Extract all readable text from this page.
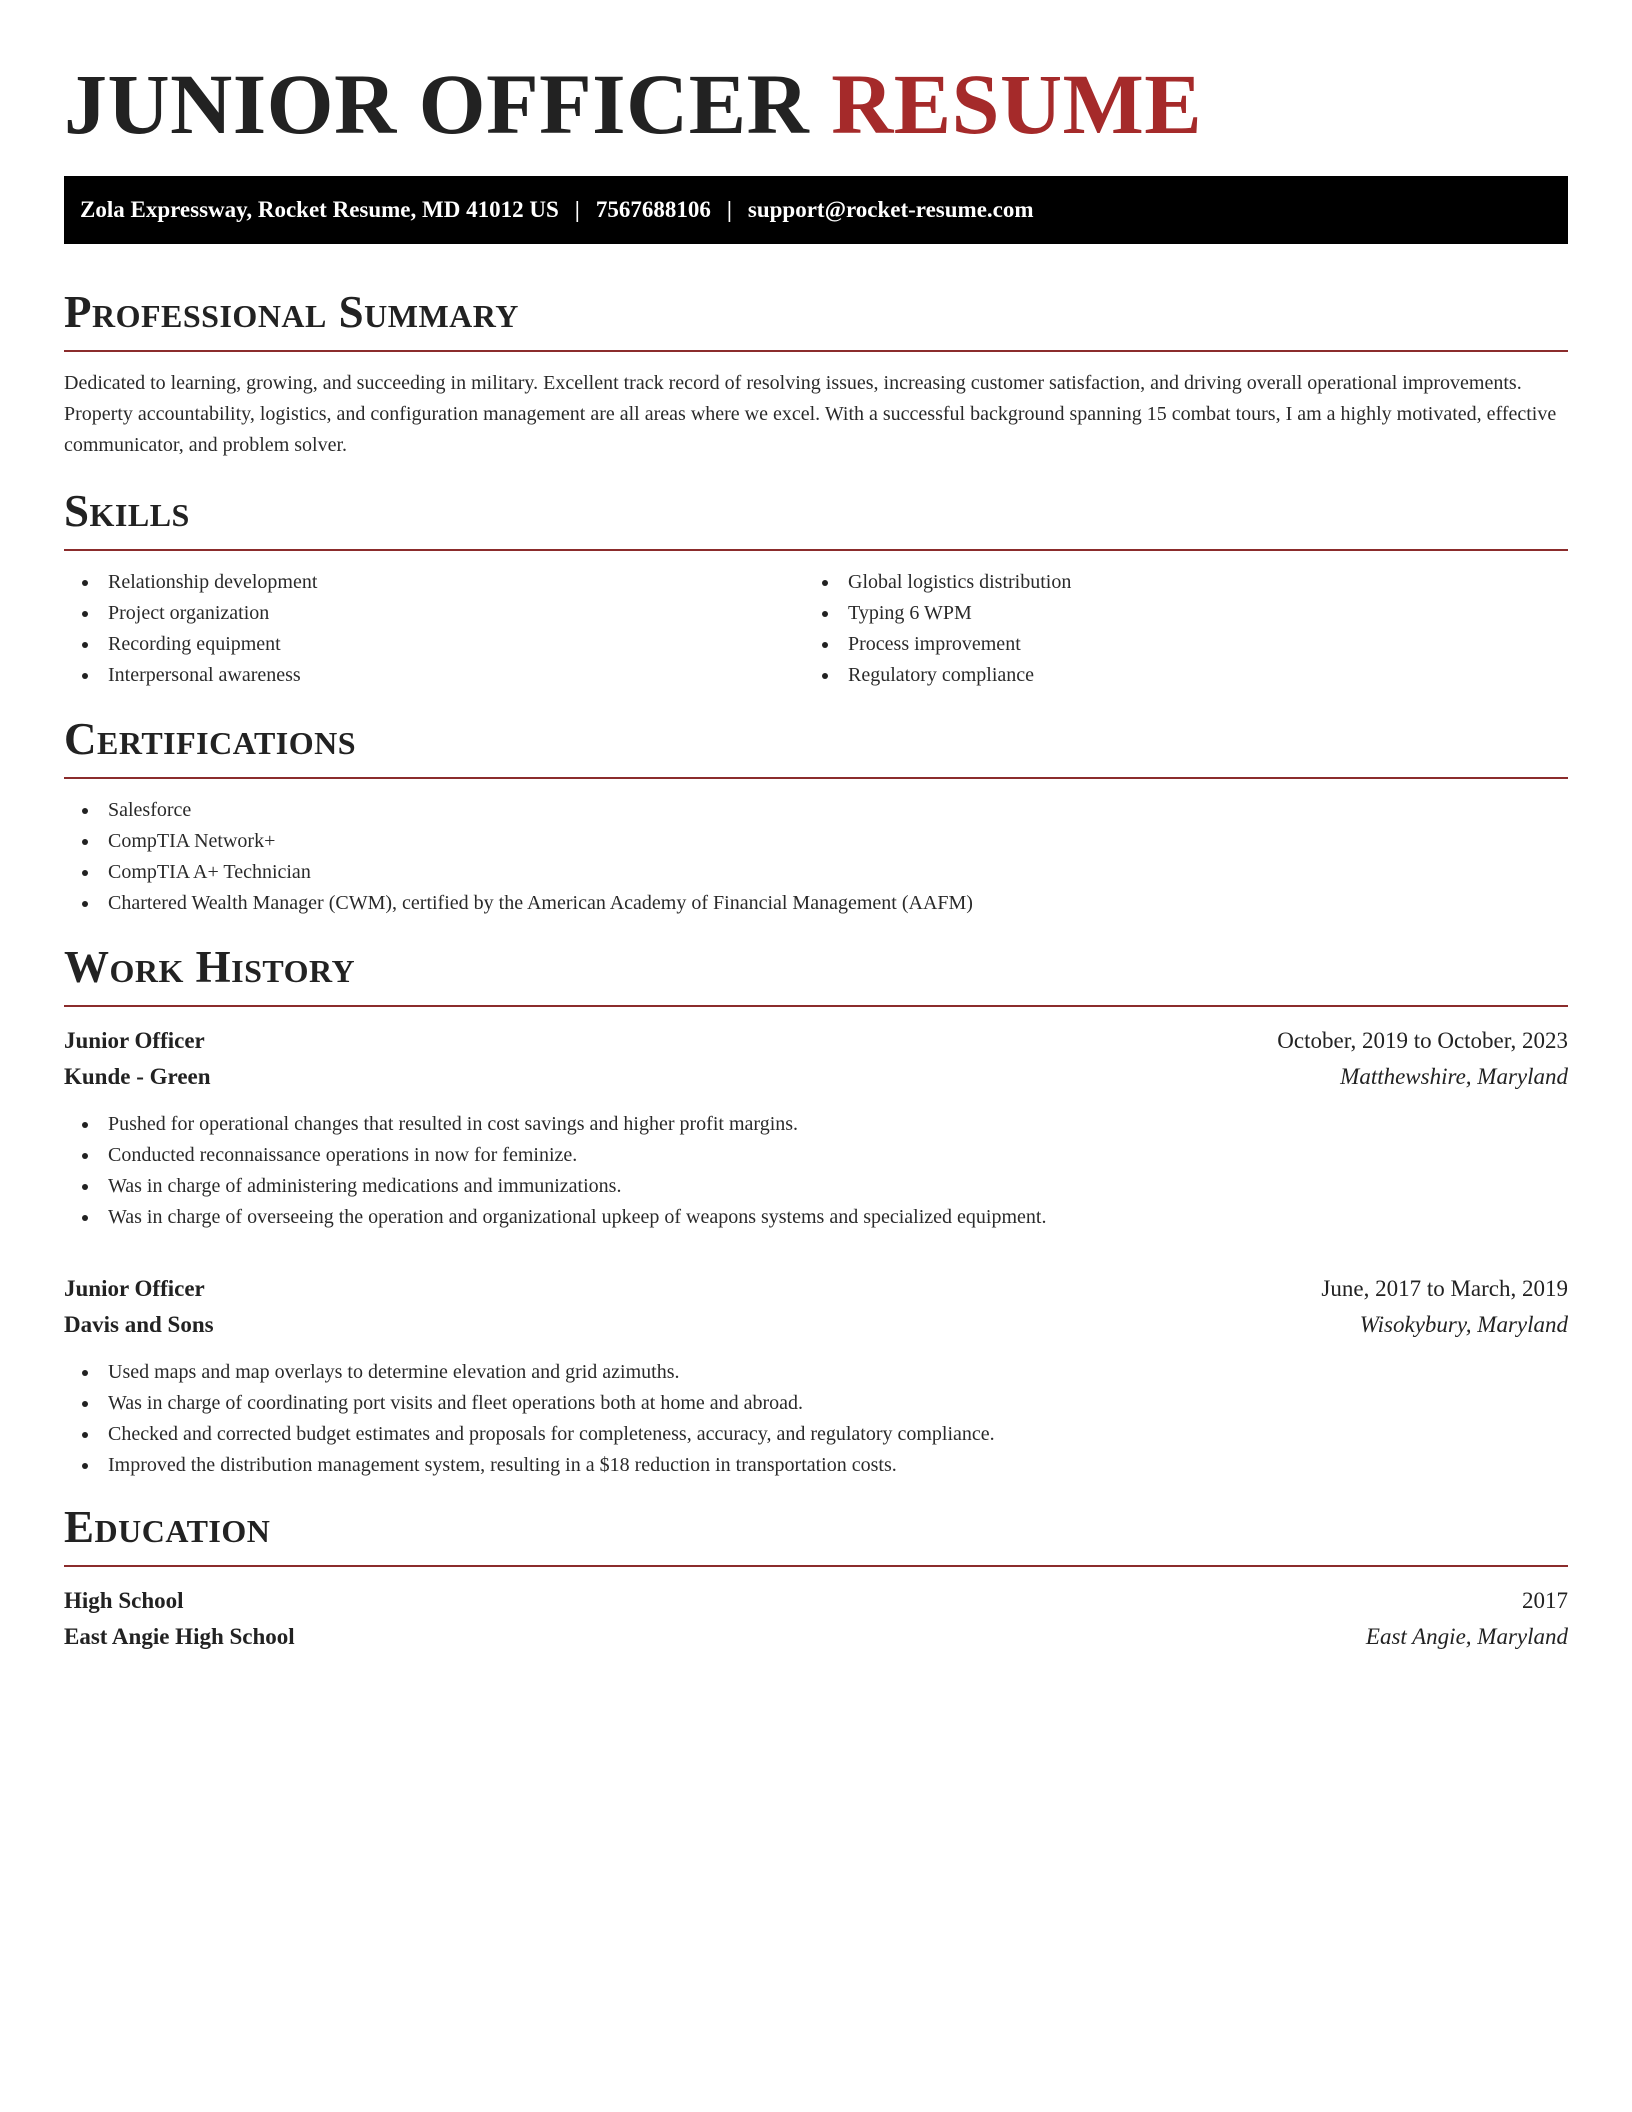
JUNIOR OFFICER RESUME
Zola Expressway, Rocket Resume, MD 41012 US | 7567688106 | support@rocket-resume.com
Professional Summary

Dedicated to learning, growing, and succeeding in military. Excellent track record of resolving issues, increasing customer satisfaction, and driving overall operational improvements. Property accountability, logistics, and configuration management are all areas where we excel. With a successful background spanning 15 combat tours, I am a highly motivated, effective communicator, and problem solver.

Skills
Relationship development
Project organization
Recording equipment
Interpersonal awareness
Global logistics distribution
Typing 6 WPM
Process improvement
Regulatory compliance
Certifications
Salesforce
CompTIA Network+
CompTIA A+ Technician
Chartered Wealth Manager (CWM), certified by the American Academy of Financial Management (AAFM)
Work History
Junior Officer	October, 2019 to October, 2023
Kunde - Green	Matthewshire, Maryland
Pushed for operational changes that resulted in cost savings and higher profit margins.
Conducted reconnaissance operations in now for feminize.
Was in charge of administering medications and immunizations.
Was in charge of overseeing the operation and organizational upkeep of weapons systems and specialized equipment.
Junior Officer	June, 2017 to March, 2019
Davis and Sons	Wisokybury, Maryland
Used maps and map overlays to determine elevation and grid azimuths.
Was in charge of coordinating port visits and fleet operations both at home and abroad.
Checked and corrected budget estimates and proposals for completeness, accuracy, and regulatory compliance.
Improved the distribution management system, resulting in a $18 reduction in transportation costs.
Education
High School	2017
East Angie High School	East Angie, Maryland
